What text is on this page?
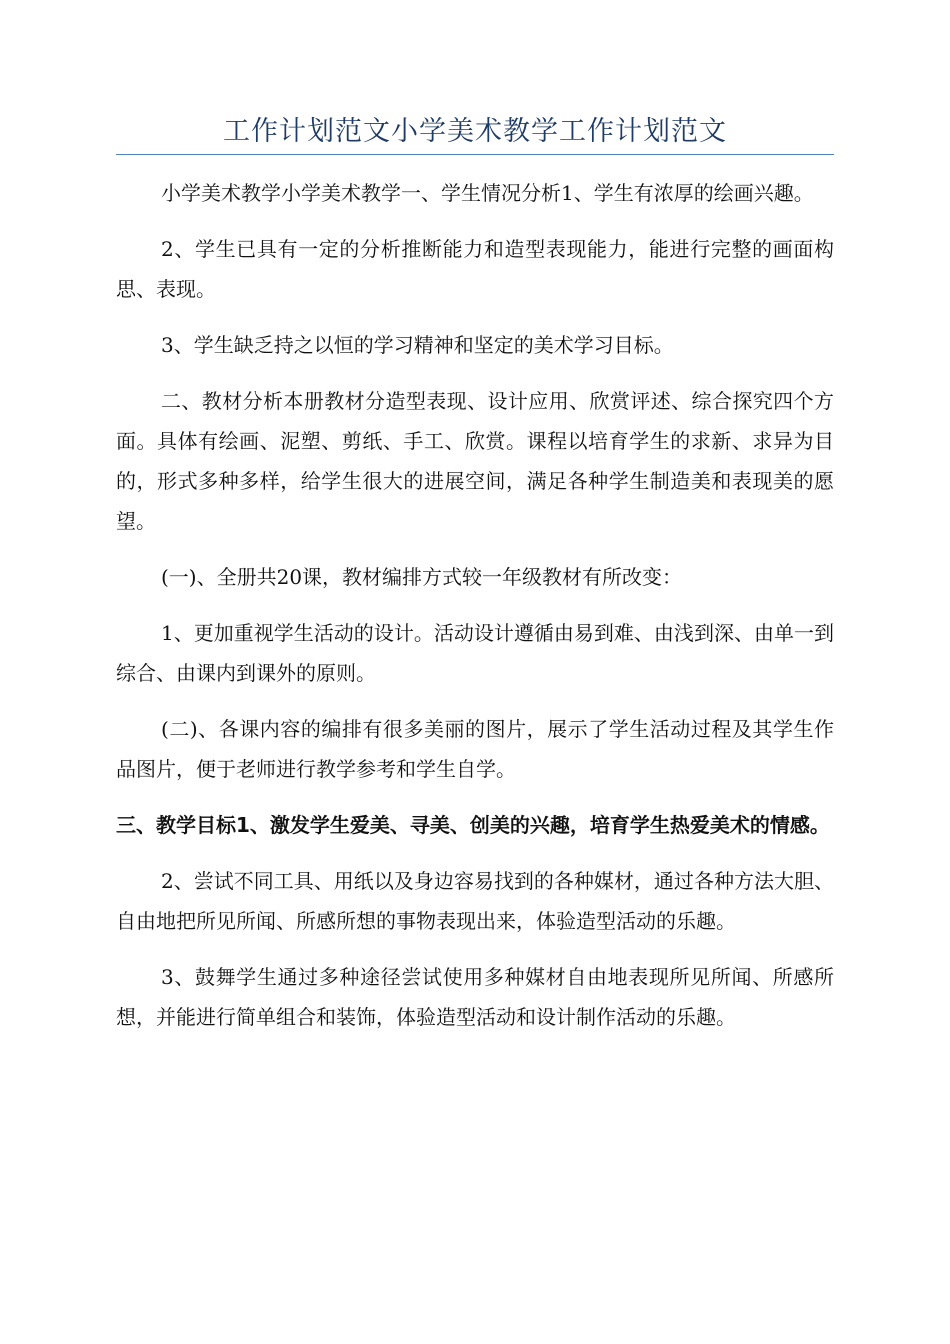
工作计划范文小学美术教学工作计划范文

小学美术教学小学美术教学一、学生情况分析1、学生有浓厚的绘画兴趣。

2、学生已具有一定的分析推断能力和造型表现能力，能进行完整的画面构思、表现。

3、学生缺乏持之以恒的学习精神和坚定的美术学习目标。

二、教材分析本册教材分造型表现、设计应用、欣赏评述、综合探究四个方面。具体有绘画、泥塑、剪纸、手工、欣赏。课程以培育学生的求新、求异为目的，形式多种多样，给学生很大的进展空间，满足各种学生制造美和表现美的愿望。

(一)、全册共20课，教材编排方式较一年级教材有所改变：

1、更加重视学生活动的设计。活动设计遵循由易到难、由浅到深、由单一到综合、由课内到课外的原则。

(二)、各课内容的编排有很多美丽的图片，展示了学生活动过程及其学生作品图片，便于老师进行教学参考和学生自学。

三、教学目标1、激发学生爱美、寻美、创美的兴趣，培育学生热爱美术的情感。

2、尝试不同工具、用纸以及身边容易找到的各种媒材，通过各种方法大胆、自由地把所见所闻、所感所想的事物表现出来，体验造型活动的乐趣。

3、鼓舞学生通过多种途径尝试使用多种媒材自由地表现所见所闻、所感所想，并能进行简单组合和装饰，体验造型活动和设计制作活动的乐趣。
